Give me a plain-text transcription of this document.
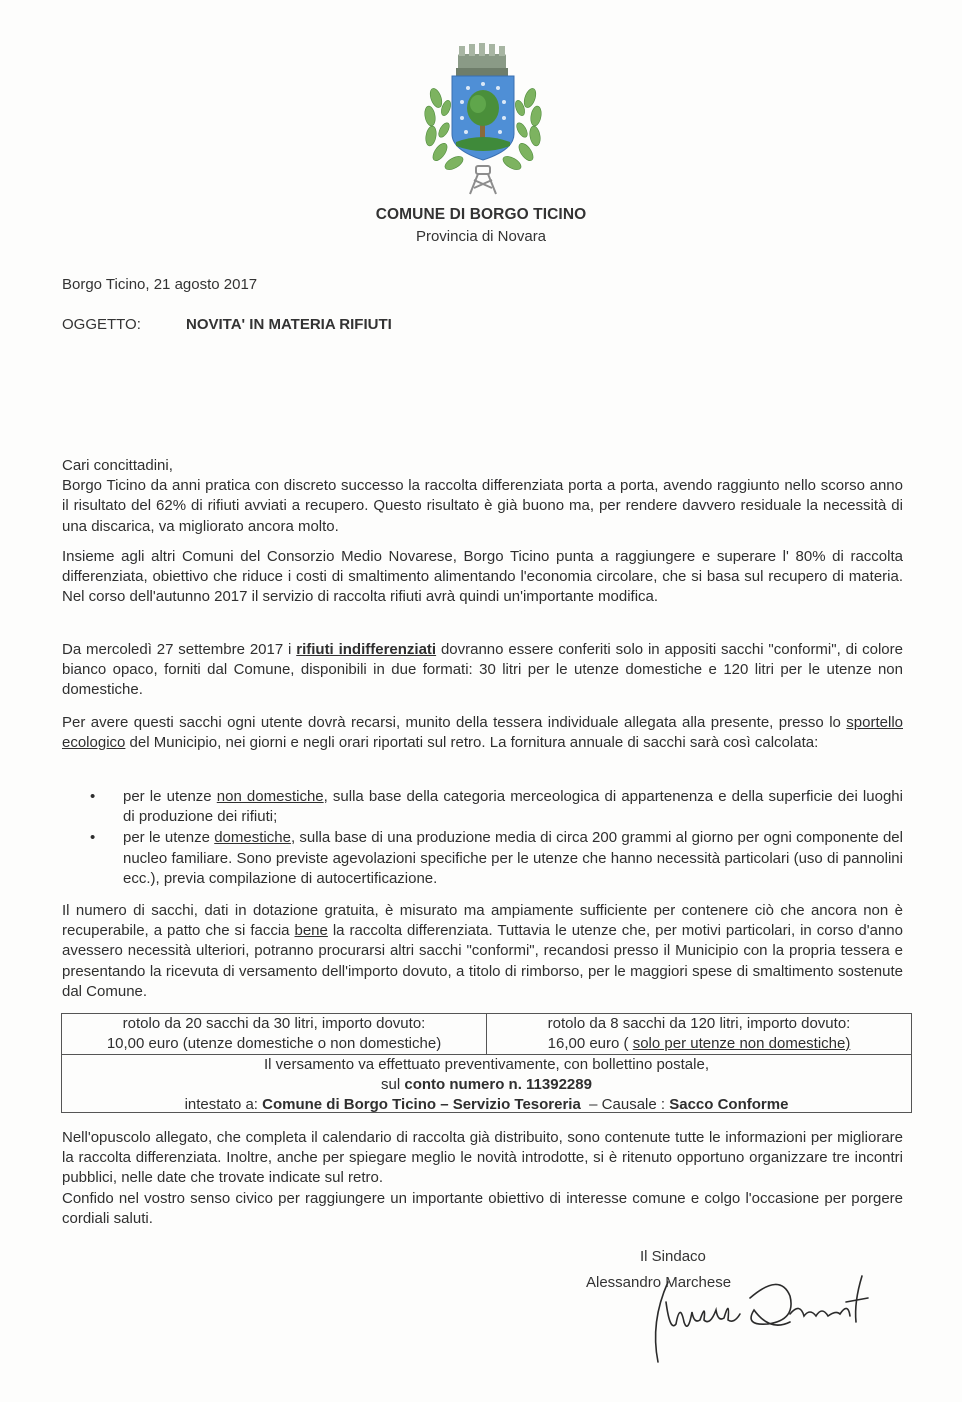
COMUNE DI BORGO TICINO
Provincia di Novara
Borgo Ticino, 21 agosto 2017
OGGETTO:	NOVITA' IN MATERIA RIFIUTI

Cari concittadini,

Borgo Ticino da anni pratica con discreto successo la raccolta differenziata porta a porta, avendo raggiunto nello scorso anno il risultato del 62% di rifiuti avviati a recupero. Questo risultato è già buono ma, per rendere davvero residuale la necessità di una discarica, va migliorato ancora molto.

Insieme agli altri Comuni del Consorzio Medio Novarese, Borgo Ticino punta a raggiungere e superare l' 80% di raccolta differenziata, obiettivo che riduce i costi di smaltimento alimentando l'economia circolare, che si basa sul recupero di materia. Nel corso dell'autunno 2017 il servizio di raccolta rifiuti avrà quindi un'importante modifica.

Da mercoledì 27 settembre 2017 i rifiuti indifferenziati dovranno essere conferiti solo in appositi sacchi "conformi", di colore bianco opaco, forniti dal Comune, disponibili in due formati: 30 litri per le utenze domestiche e 120 litri per le utenze non domestiche.

Per avere questi sacchi ogni utente dovrà recarsi, munito della tessera individuale allegata alla presente, presso lo sportello ecologico del Municipio, nei giorni e negli orari riportati sul retro. La fornitura annuale di sacchi sarà così calcolata:

• per le utenze non domestiche, sulla base della categoria merceologica di appartenenza e della superficie dei luoghi di produzione dei rifiuti;
• per le utenze domestiche, sulla base di una produzione media di circa 200 grammi al giorno per ogni componente del nucleo familiare. Sono previste agevolazioni specifiche per le utenze che hanno necessità particolari (uso di pannolini ecc.), previa compilazione di autocertificazione.

Il numero di sacchi, dati in dotazione gratuita, è misurato ma ampiamente sufficiente per contenere ciò che ancora non è recuperabile, a patto che si faccia bene la raccolta differenziata. Tuttavia le utenze che, per motivi particolari, in corso d'anno avessero necessità ulteriori, potranno procurarsi altri sacchi "conformi", recandosi presso il Municipio con la propria tessera e presentando la ricevuta di versamento dell'importo dovuto, a titolo di rimborso, per le maggiori spese di smaltimento sostenute dal Comune.

rotolo da 20 sacchi da 30 litri, importo dovuto:
10,00 euro (utenze domestiche o non domestiche)
rotolo da 8 sacchi da 120 litri, importo dovuto:
16,00 euro ( solo per utenze non domestiche)
Il versamento va effettuato preventivamente, con bollettino postale,
sul conto numero n. 11392289
intestato a: Comune di Borgo Ticino – Servizio Tesoreria  – Causale : Sacco Conforme

Nell'opuscolo allegato, che completa il calendario di raccolta già distribuito, sono contenute tutte le informazioni per migliorare la raccolta differenziata. Inoltre, anche per spiegare meglio le novità introdotte, si è ritenuto opportuno organizzare tre incontri pubblici, nelle date che trovate indicate sul retro.

Confido nel vostro senso civico per raggiungere un importante obiettivo di interesse comune e colgo l'occasione per porgere cordiali saluti.

Il Sindaco
Alessandro Marchese
